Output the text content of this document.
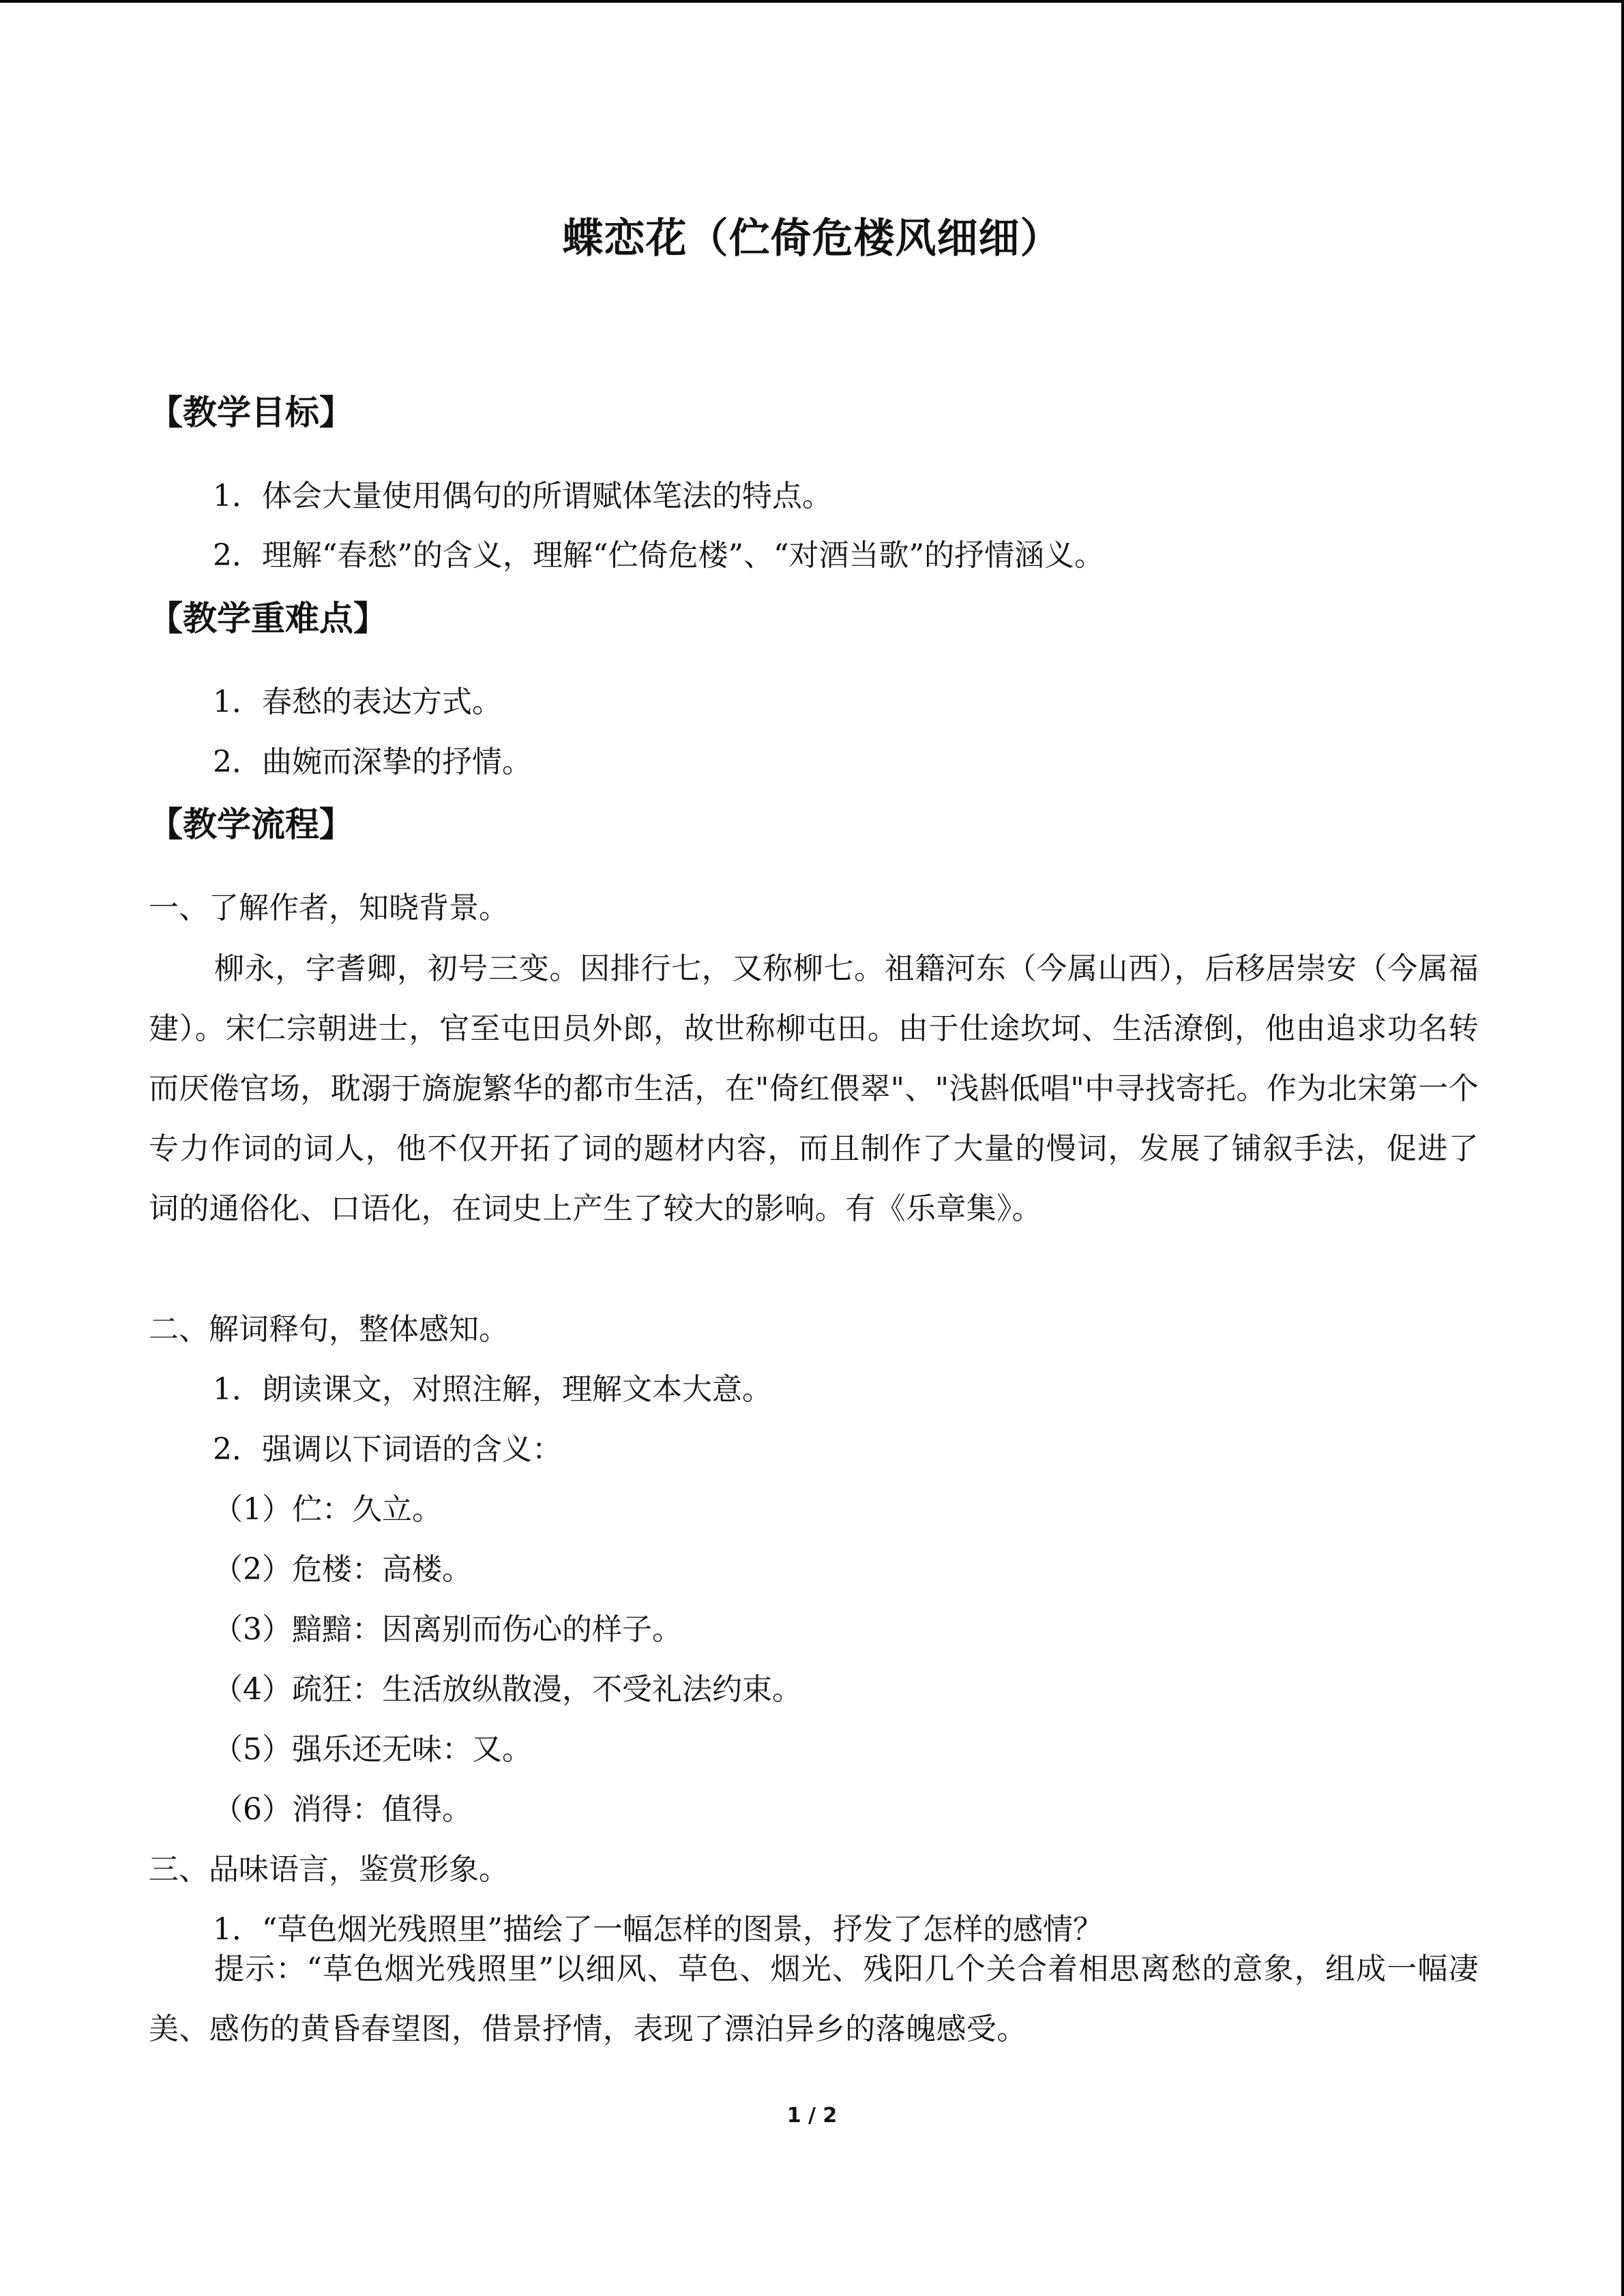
蝶恋花（伫倚危楼风细细）
【教学目标】
1．体会大量使用偶句的所谓赋体笔法的特点。
2．理解“春愁”的含义，理解“伫倚危楼”、“对酒当歌”的抒情涵义。
【教学重难点】
1．春愁的表达方式。
2．曲婉而深挚的抒情。
【教学流程】
一、了解作者，知晓背景。
柳永，字耆卿，初号三变。因排行七，又称柳七。祖籍河东（今属山西），后移居崇安（今属福建）。宋仁宗朝进士，官至屯田员外郎，故世称柳屯田。由于仕途坎坷、生活潦倒，他由追求功名转而厌倦官场，耽溺于旖旎繁华的都市生活，在"倚红偎翠"、"浅斟低唱"中寻找寄托。作为北宋第一个专力作词的词人，他不仅开拓了词的题材内容，而且制作了大量的慢词，发展了铺叙手法，促进了词的通俗化、口语化，在词史上产生了较大的影响。有《乐章集》。
二、解词释句，整体感知。
1．朗读课文，对照注解，理解文本大意。
2．强调以下词语的含义：
（1）伫：久立。
（2）危楼：高楼。
（3）黯黯：因离别而伤心的样子。
（4）疏狂：生活放纵散漫，不受礼法约束。
（5）强乐还无味：又。
（6）消得：值得。
三、品味语言，鉴赏形象。
1．“草色烟光残照里”描绘了一幅怎样的图景，抒发了怎样的感情？
提示：“草色烟光残照里”以细风、草色、烟光、残阳几个关合着相思离愁的意象，组成一幅凄美、感伤的黄昏春望图，借景抒情，表现了漂泊异乡的落魄感受。
1 / 2
